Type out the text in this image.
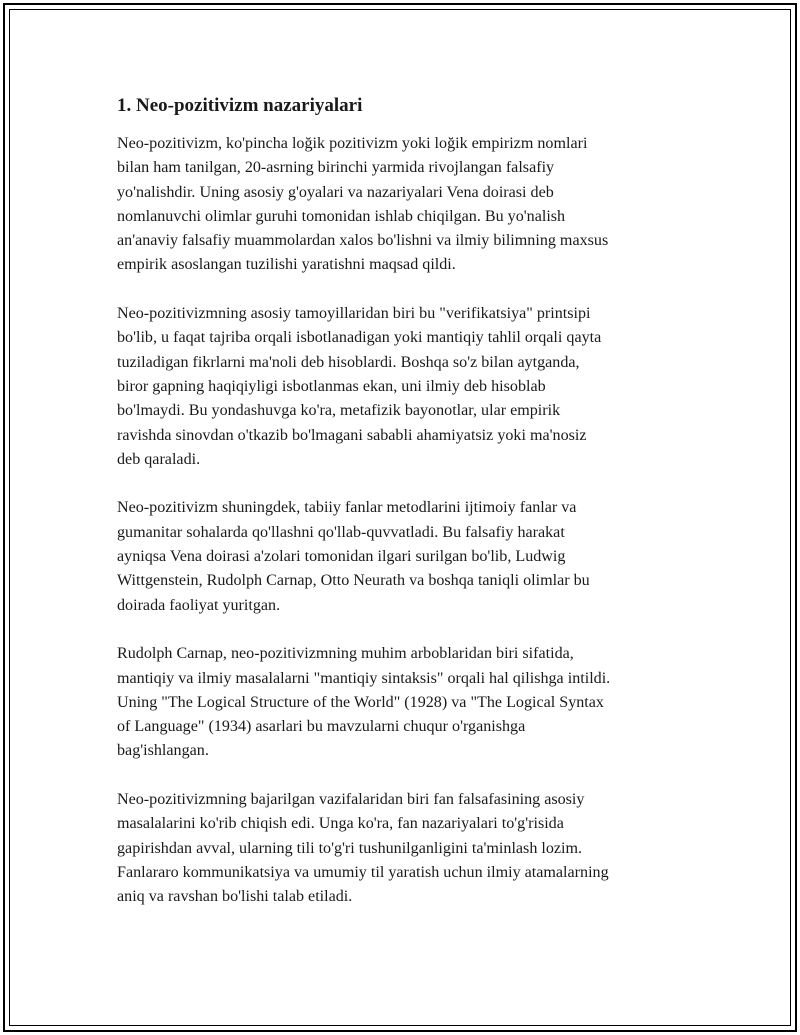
1. Neo-pozitivizm nazariyalari

Neo-pozitivizm, ko'pincha loğik pozitivizm yoki loğik empirizm nomlari
bilan ham tanilgan, 20-asrning birinchi yarmida rivojlangan falsafiy
yo'nalishdir. Uning asosiy g'oyalari va nazariyalari Vena doirasi deb
nomlanuvchi olimlar guruhi tomonidan ishlab chiqilgan. Bu yo'nalish
an'anaviy falsafiy muammolardan xalos bo'lishni va ilmiy bilimning maxsus
empirik asoslangan tuzilishi yaratishni maqsad qildi.

Neo-pozitivizmning asosiy tamoyillaridan biri bu "verifikatsiya" printsipi
bo'lib, u faqat tajriba orqali isbotlanadigan yoki mantiqiy tahlil orqali qayta
tuziladigan fikrlarni ma'noli deb hisoblardi. Boshqa so'z bilan aytganda,
biror gapning haqiqiyligi isbotlanmas ekan, uni ilmiy deb hisoblab
bo'lmaydi. Bu yondashuvga ko'ra, metafizik bayonotlar, ular empirik
ravishda sinovdan o'tkazib bo'lmagani sababli ahamiyatsiz yoki ma'nosiz
deb qaraladi.

Neo-pozitivizm shuningdek, tabiiy fanlar metodlarini ijtimoiy fanlar va
gumanitar sohalarda qo'llashni qo'llab-quvvatladi. Bu falsafiy harakat
ayniqsa Vena doirasi a'zolari tomonidan ilgari surilgan bo'lib, Ludwig
Wittgenstein, Rudolph Carnap, Otto Neurath va boshqa taniqli olimlar bu
doirada faoliyat yuritgan.

Rudolph Carnap, neo-pozitivizmning muhim arboblaridan biri sifatida,
mantiqiy va ilmiy masalalarni "mantiqiy sintaksis" orqali hal qilishga intildi.
Uning "The Logical Structure of the World" (1928) va "The Logical Syntax
of Language" (1934) asarlari bu mavzularni chuqur o'rganishga
bag'ishlangan.

Neo-pozitivizmning bajarilgan vazifalaridan biri fan falsafasining asosiy
masalalarini ko'rib chiqish edi. Unga ko'ra, fan nazariyalari to'g'risida
gapirishdan avval, ularning tili to'g'ri tushunilganligini ta'minlash lozim.
Fanlararo kommunikatsiya va umumiy til yaratish uchun ilmiy atamalarning
aniq va ravshan bo'lishi talab etiladi.
